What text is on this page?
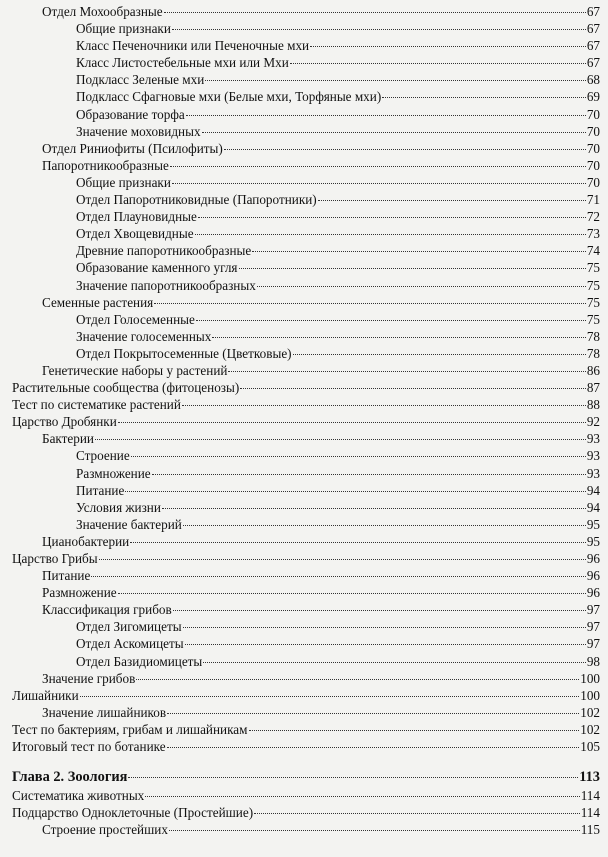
Отдел Мохообразные	67
Общие признаки	67
Класс Печеночники или Печеночные мхи	67
Класс Листостебельные мхи или Мхи	67
Подкласс Зеленые мхи	68
Подкласс Сфагновые мхи (Белые мхи, Торфяные мхи)	69
Образование торфа	70
Значение моховидных	70
Отдел Риниофиты (Псилофиты)	70
Папоротникообразные	70
Общие признаки	70
Отдел Папоротниковидные (Папоротники)	71
Отдел Плауновидные	72
Отдел Хвощевидные	73
Древние папоротникообразные	74
Образование каменного угля	75
Значение папоротникообразных	75
Семенные растения	75
Отдел Голосеменные	75
Значение голосеменных	78
Отдел Покрытосеменные (Цветковые)	78
Генетические наборы у растений	86
Растительные сообщества (фитоценозы)	87
Тест по систематике растений	88
Царство Дробянки	92
Бактерии	93
Строение	93
Размножение	93
Питание	94
Условия жизни	94
Значение бактерий	95
Цианобактерии	95
Царство Грибы	96
Питание	96
Размножение	96
Классификация грибов	97
Отдел Зигомицеты	97
Отдел Аскомицеты	97
Отдел Базидиомицеты	98
Значение грибов	100
Лишайники	100
Значение лишайников	102
Тест по бактериям, грибам и лишайникам	102
Итоговый тест по ботанике	105
Глава 2. Зоология	113
Систематика животных	114
Подцарство Одноклеточные (Простейшие)	114
Строение простейших	115
